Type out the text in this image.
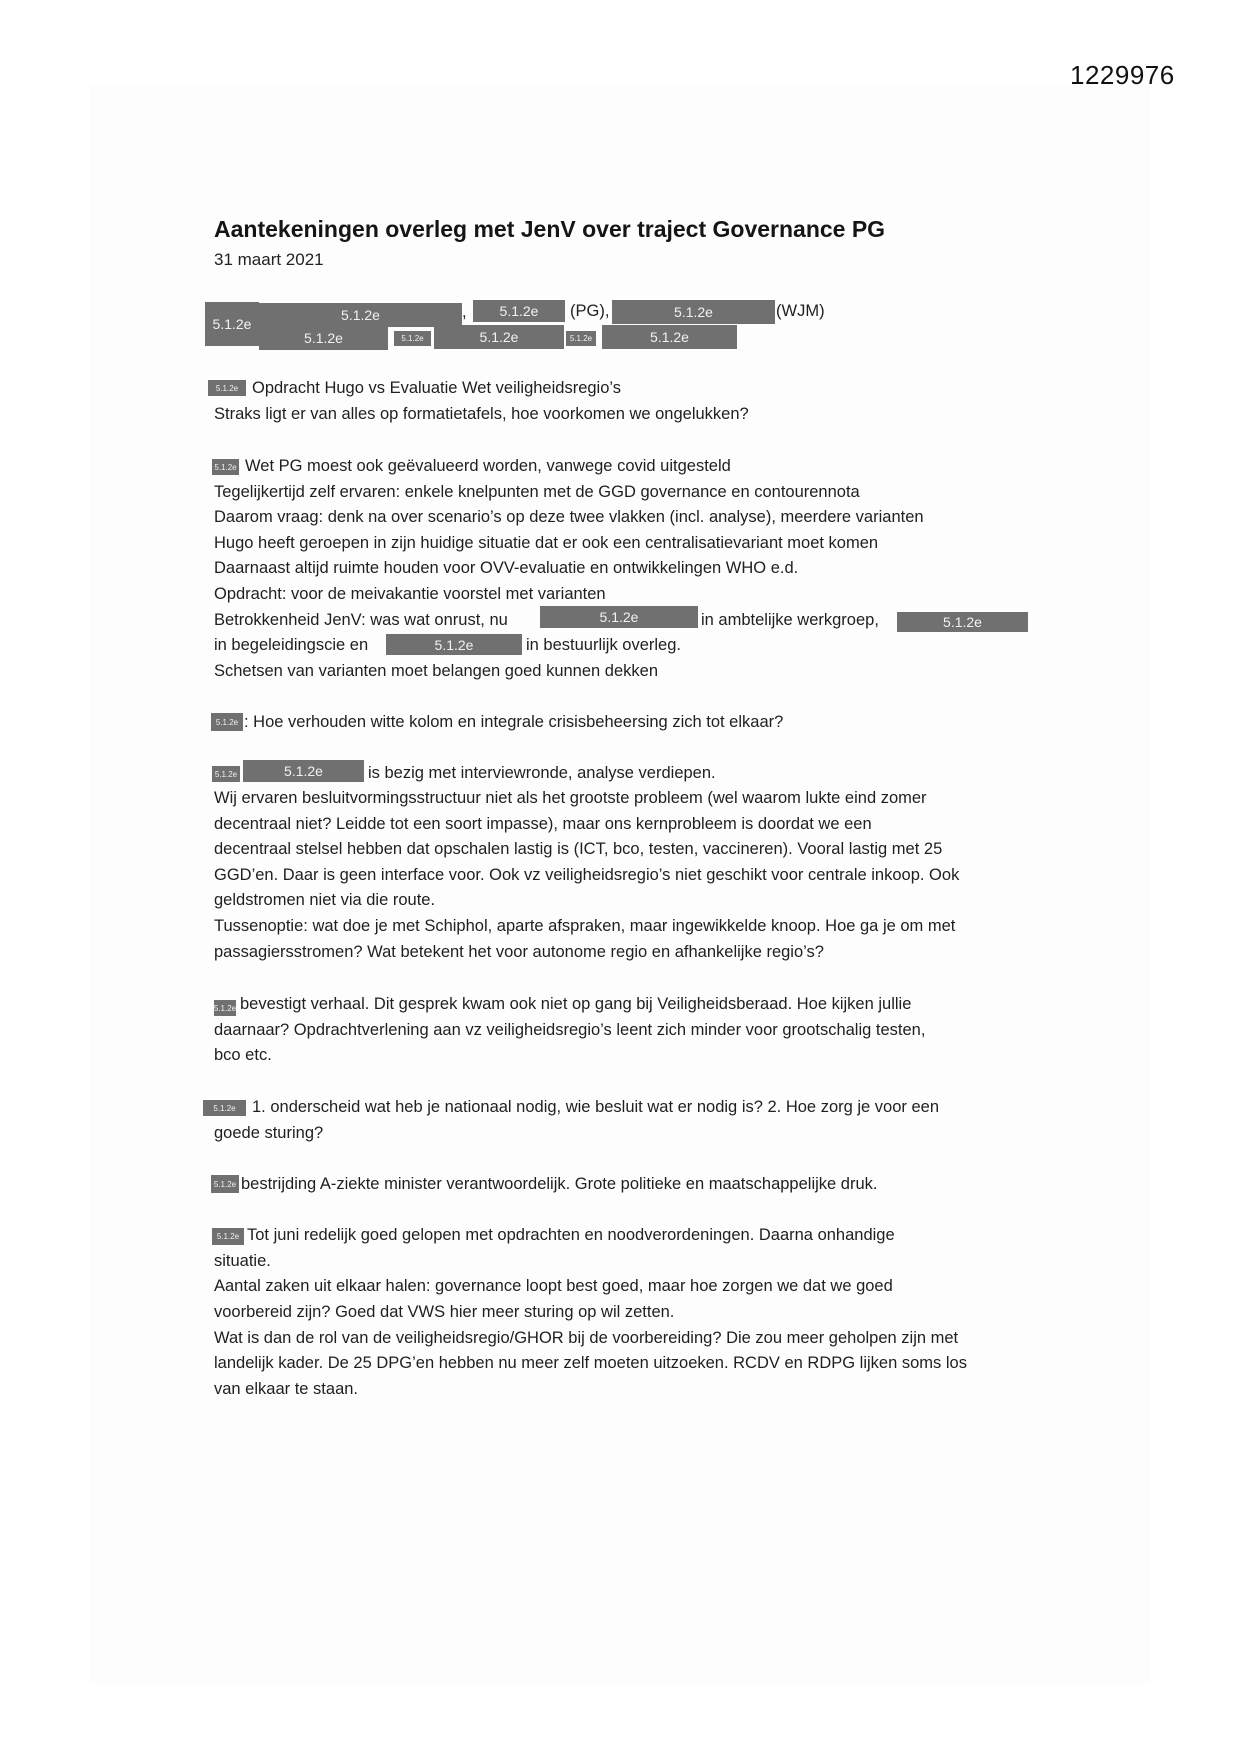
1229976
Aantekeningen overleg met JenV over traject Governance PG
31 maart 2021
5.1.2e
5.1.2e
5.1.2e	5.1.2e
, 5.1.2e
5.1.2e
(PG),
5.1.2e
5.1.2e	(WJM)
5.1.2e
5.1.2e Opdracht Hugo vs Evaluatie Wet veiligheidsregio’s
Straks ligt er van alles op formatietafels, hoe voorkomen we ongelukken?
5.1.2e Wet PG moest ook geëvalueerd worden, vanwege covid uitgesteld
Tegelijkertijd zelf ervaren: enkele knelpunten met de GGD governance en contourennota
Daarom vraag: denk na over scenario’s op deze twee vlakken (incl. analyse), meerdere varianten
Hugo heeft geroepen in zijn huidige situatie dat er ook een centralisatievariant moet komen
Daarnaast altijd ruimte houden voor OVV-evaluatie en ontwikkelingen WHO e.d.
Opdracht: voor de meivakantie voorstel met varianten
Betrokkenheid JenV: was wat onrust, nu	5.1.2e	in ambtelijke werkgroep,	5.1.2e
in begeleidingscie en	5.1.2e	in bestuurlijk overleg.
Schetsen van varianten moet belangen goed kunnen dekken
5.1.2e : Hoe verhouden witte kolom en integrale crisisbeheersing zich tot elkaar?
5.1.2e	5.1.2e	is bezig met interviewronde, analyse verdiepen.
Wij ervaren besluitvormingsstructuur niet als het grootste probleem (wel waarom lukte eind zomer
decentraal niet? Leidde tot een soort impasse), maar ons kernprobleem is doordat we een
decentraal stelsel hebben dat opschalen lastig is (ICT, bco, testen, vaccineren). Vooral lastig met 25
GGD’en. Daar is geen interface voor. Ook vz veiligheidsregio’s niet geschikt voor centrale inkoop. Ook
geldstromen niet via die route.
Tussenoptie: wat doe je met Schiphol, aparte afspraken, maar ingewikkelde knoop. Hoe ga je om met
passagiersstromen? Wat betekent het voor autonome regio en afhankelijke regio’s?
5.1.2e bevestigt verhaal. Dit gesprek kwam ook niet op gang bij Veiligheidsberaad. Hoe kijken jullie
daarnaar? Opdrachtverlening aan vz veiligheidsregio’s leent zich minder voor grootschalig testen,
bco etc.
5.1.2e 1. onderscheid wat heb je nationaal nodig, wie besluit wat er nodig is? 2. Hoe zorg je voor een
goede sturing?
5.1.2e bestrijding A-ziekte minister verantwoordelijk. Grote politieke en maatschappelijke druk.
5.1.2e Tot juni redelijk goed gelopen met opdrachten en noodverordeningen. Daarna onhandige
situatie.
Aantal zaken uit elkaar halen: governance loopt best goed, maar hoe zorgen we dat we goed
voorbereid zijn? Goed dat VWS hier meer sturing op wil zetten.
Wat is dan de rol van de veiligheidsregio/GHOR bij de voorbereiding? Die zou meer geholpen zijn met
landelijk kader. De 25 DPG’en hebben nu meer zelf moeten uitzoeken. RCDV en RDPG lijken soms los
van elkaar te staan.
